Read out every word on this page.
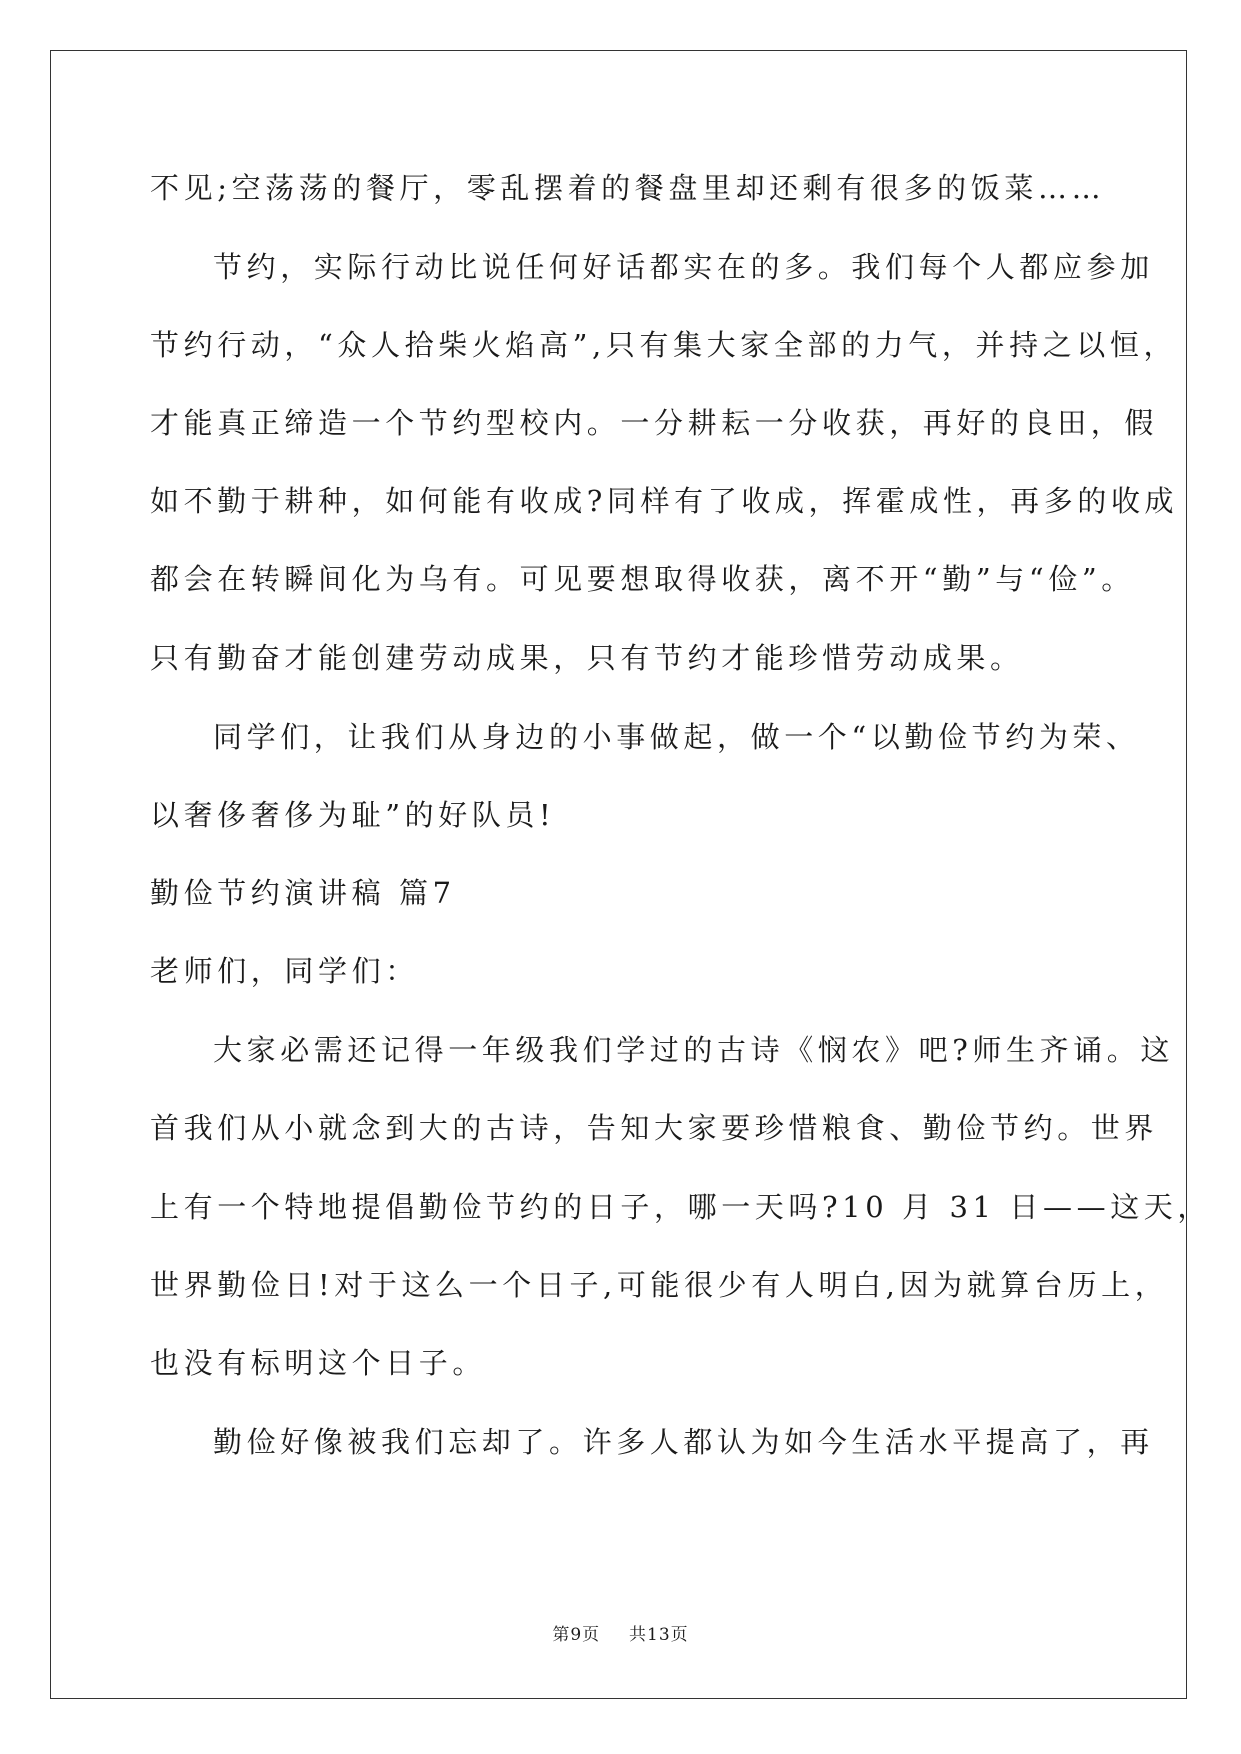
不见;空荡荡的餐厅，零乱摆着的餐盘里却还剩有很多的饭菜……
节约，实际行动比说任何好话都实在的多。我们每个人都应参加
节约行动，“众人拾柴火焰高”,只有集大家全部的力气，并持之以恒，
才能真正缔造一个节约型校内。一分耕耘一分收获，再好的良田，假
如不勤于耕种，如何能有收成?同样有了收成，挥霍成性，再多的收成
都会在转瞬间化为乌有。可见要想取得收获，离不开“勤”与“俭”。
只有勤奋才能创建劳动成果，只有节约才能珍惜劳动成果。
同学们，让我们从身边的小事做起，做一个“以勤俭节约为荣、
以奢侈奢侈为耻”的好队员!
勤俭节约演讲稿 篇7
老师们，同学们：
大家必需还记得一年级我们学过的古诗《悯农》吧?师生齐诵。这
首我们从小就念到大的古诗，告知大家要珍惜粮食、勤俭节约。世界
上有一个特地提倡勤俭节约的日子，哪一天吗?10 月 31 日——这天，
世界勤俭日!对于这么一个日子,可能很少有人明白,因为就算台历上，
也没有标明这个日子。
勤俭好像被我们忘却了。许多人都认为如今生活水平提高了，再
第9页 共13页
